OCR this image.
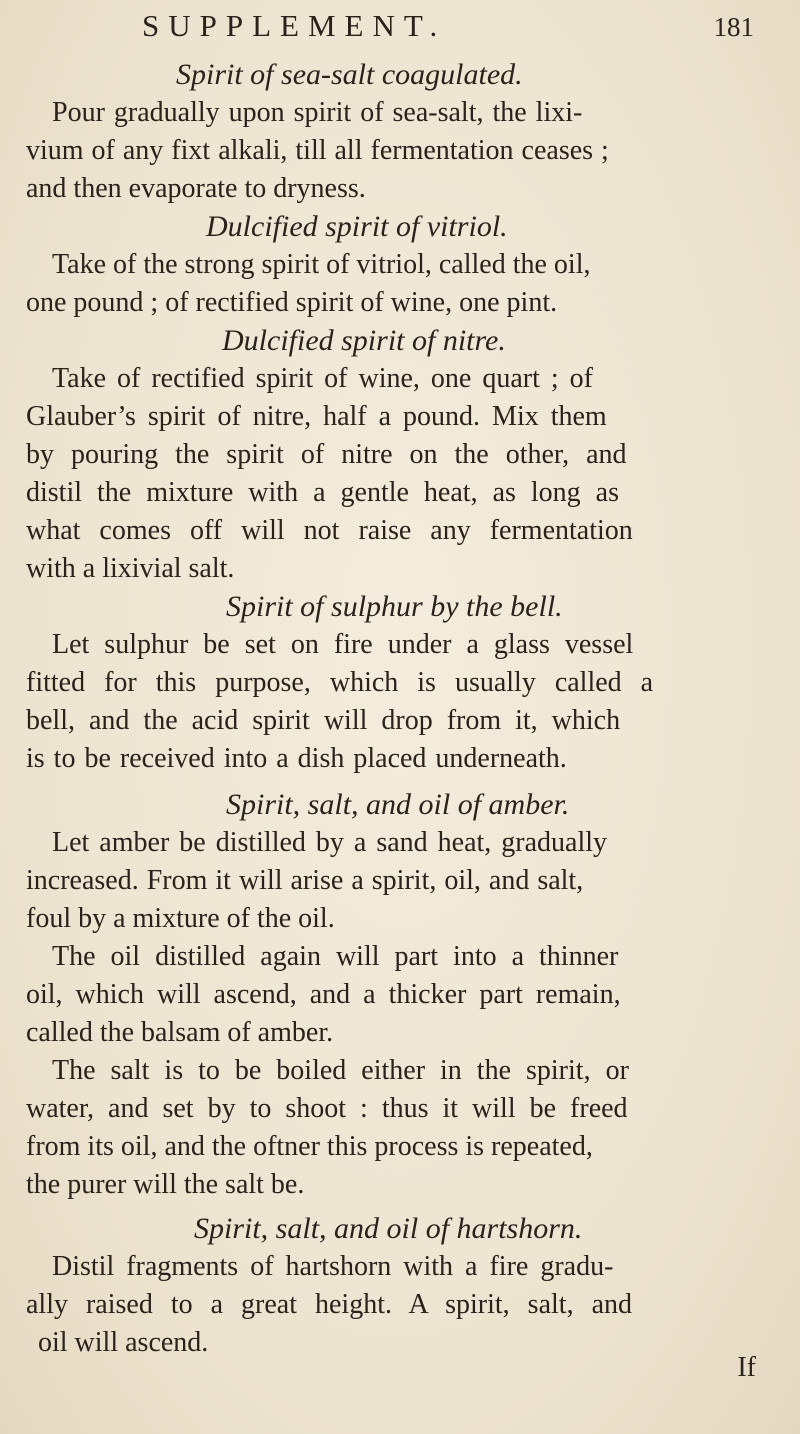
SUPPLEMENT.	181

Spirit of sea-salt coagulated.

Pour gradually upon spirit of sea-salt, the lixi-

vium of any fixt alkali, till all fermentation ceases ;

and then evaporate to dryness.

Dulcified spirit of vitriol.

Take of the strong spirit of vitriol, called the oil,

one pound ; of rectified spirit of wine, one pint.

Dulcified spirit of nitre.

Take of rectified spirit of wine, one quart ; of

Glauber’s spirit of nitre, half a pound. Mix them

by pouring the spirit of nitre on the other, and

distil the mixture with a gentle heat, as long as

what comes off will not raise any fermentation

with a lixivial salt.

Spirit of sulphur by the bell.

Let sulphur be set on fire under a glass vessel

fitted for this purpose, which is usually called a

bell, and the acid spirit will drop from it, which

is to be received into a dish placed underneath.

Spirit, salt, and oil of amber.

Let amber be distilled by a sand heat, gradually

increased. From it will arise a spirit, oil, and salt,

foul by a mixture of the oil.

The oil distilled again will part into a thinner

oil, which will ascend, and a thicker part remain,

called the balsam of amber.

The salt is to be boiled either in the spirit, or

water, and set by to shoot : thus it will be freed

from its oil, and the oftner this process is repeated,

the purer will the salt be.

Spirit, salt, and oil of hartshorn.

Distil fragments of hartshorn with a fire gradu-

ally raised to a great height. A spirit, salt, and

oil will ascend.

If
